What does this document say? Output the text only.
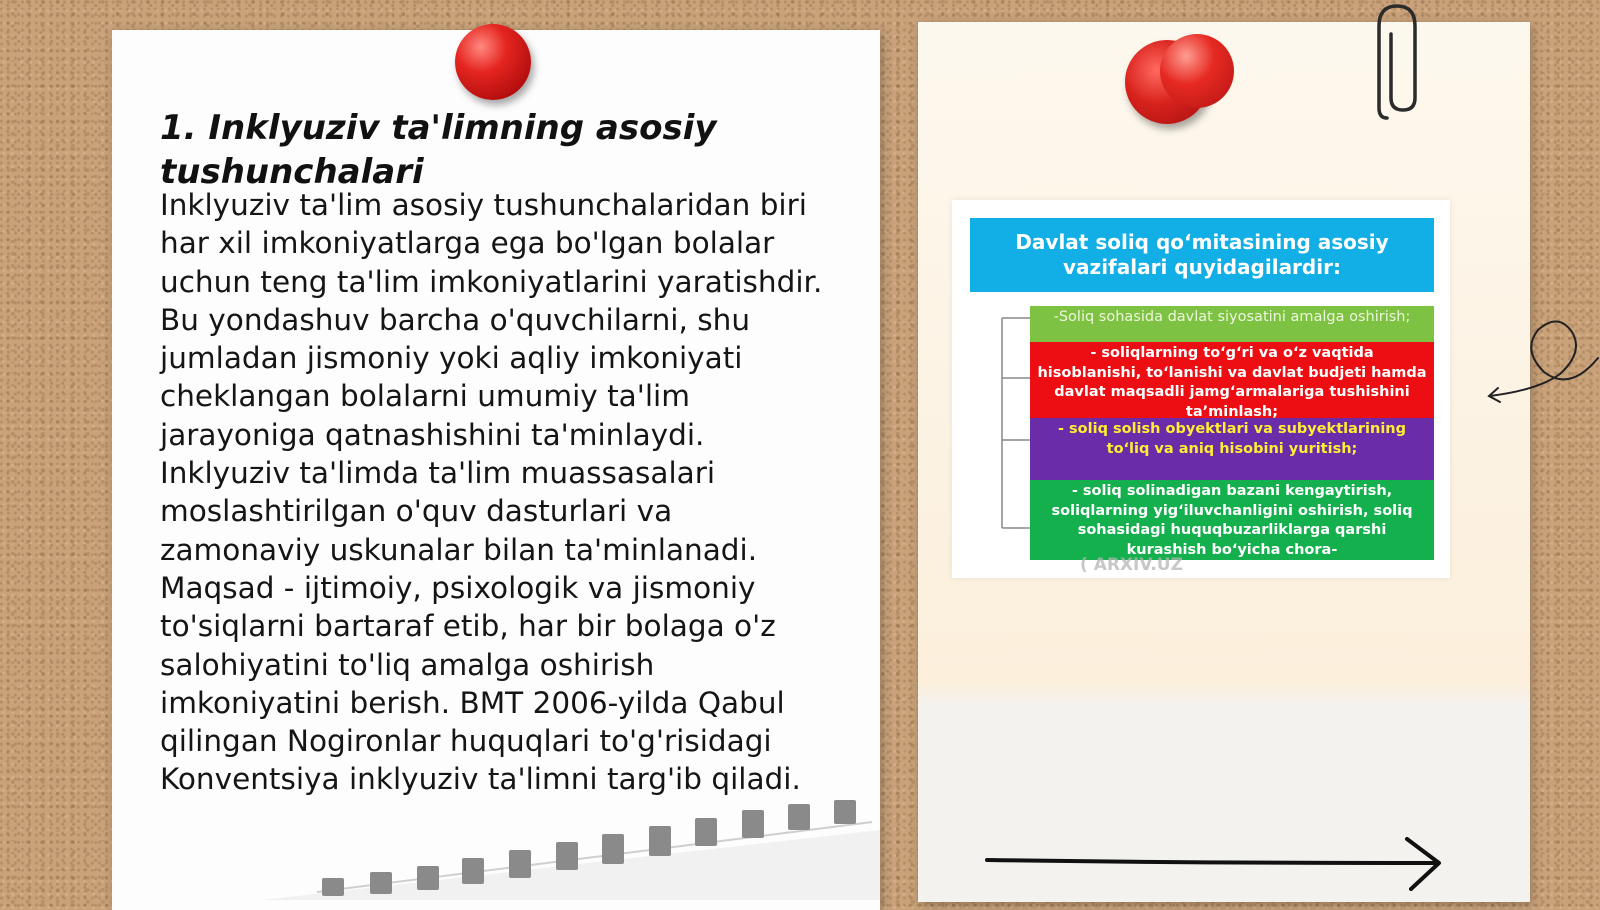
1. Inklyuziv ta'limning asosiy tushunchalari

Inklyuziv ta'lim asosiy tushunchalaridan biri har xil imkoniyatlarga ega bo'lgan bolalar uchun teng ta'lim imkoniyatlarini yaratishdir. Bu yondashuv barcha o'quvchilarni, shu jumladan jismoniy yoki aqliy imkoniyati cheklangan bolalarni umumiy ta'lim jarayoniga qatnashishini ta'minlaydi. Inklyuziv ta'limda ta'lim muassasalari moslashtirilgan o'quv dasturlari va zamonaviy uskunalar bilan ta'minlanadi. Maqsad - ijtimoiy, psixologik va jismoniy to'siqlarni bartaraf etib, har bir bolaga o'z salohiyatini to'liq amalga oshirish imkoniyatini berish. BMT 2006-yilda Qabul qilingan Nogironlar huquqlari to'g'risidagi Konventsiya inklyuziv ta'limni targ'ib qiladi.

Davlat soliq qo‘mitasining asosiy vazifalari quyidagilardir:
-Soliq sohasida davlat siyosatini amalga oshirish;
- soliqlarning to‘g‘ri va o‘z vaqtida hisoblanishi, to‘lanishi va davlat budjeti hamda davlat maqsadli jamg‘armalariga tushishini ta’minlash;
- soliq solish obyektlari va subyektlarining to‘liq va aniq hisobini yuritish;
- soliq solinadigan bazani kengaytirish, soliqlarning yig‘iluvchanligini oshirish, soliq sohasidagi huquqbuzarliklarga qarshi kurashish bo‘yicha chora-
( ARXIV.UZ
